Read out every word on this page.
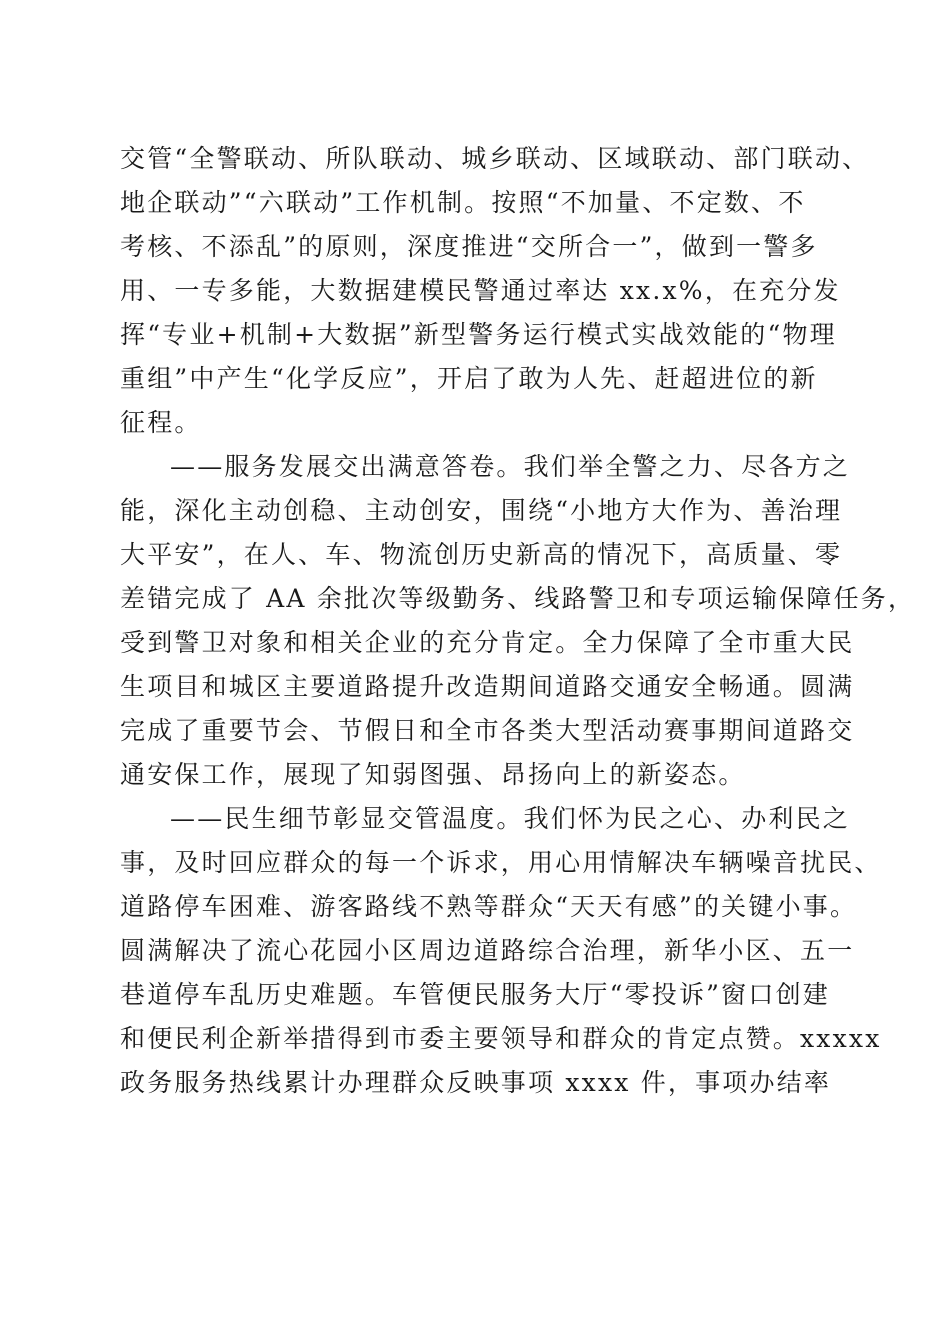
交管“全警联动、所队联动、城乡联动、区域联动、部门联动、
地企联动”“六联动”工作机制。按照“不加量、不定数、不
考核、不添乱”的原则，深度推进“交所合一”，做到一警多
用、一专多能，大数据建模民警通过率达 xx.x%，在充分发
挥“专业+机制+大数据”新型警务运行模式实战效能的“物理
重组”中产生“化学反应”，开启了敢为人先、赶超进位的新
征程。
——服务发展交出满意答卷。我们举全警之力、尽各方之
能，深化主动创稳、主动创安，围绕“小地方大作为、善治理
大平安”，在人、车、物流创历史新高的情况下，高质量、零
差错完成了 AA 余批次等级勤务、线路警卫和专项运输保障任务，
受到警卫对象和相关企业的充分肯定。全力保障了全市重大民
生项目和城区主要道路提升改造期间道路交通安全畅通。圆满
完成了重要节会、节假日和全市各类大型活动赛事期间道路交
通安保工作，展现了知弱图强、昂扬向上的新姿态。
——民生细节彰显交管温度。我们怀为民之心、办利民之
事，及时回应群众的每一个诉求，用心用情解决车辆噪音扰民、
道路停车困难、游客路线不熟等群众“天天有感”的关键小事。
圆满解决了流心花园小区周边道路综合治理，新华小区、五一
巷道停车乱历史难题。车管便民服务大厅“零投诉”窗口创建
和便民利企新举措得到市委主要领导和群众的肯定点赞。xxxxx
政务服务热线累计办理群众反映事项 xxxx 件，事项办结率
